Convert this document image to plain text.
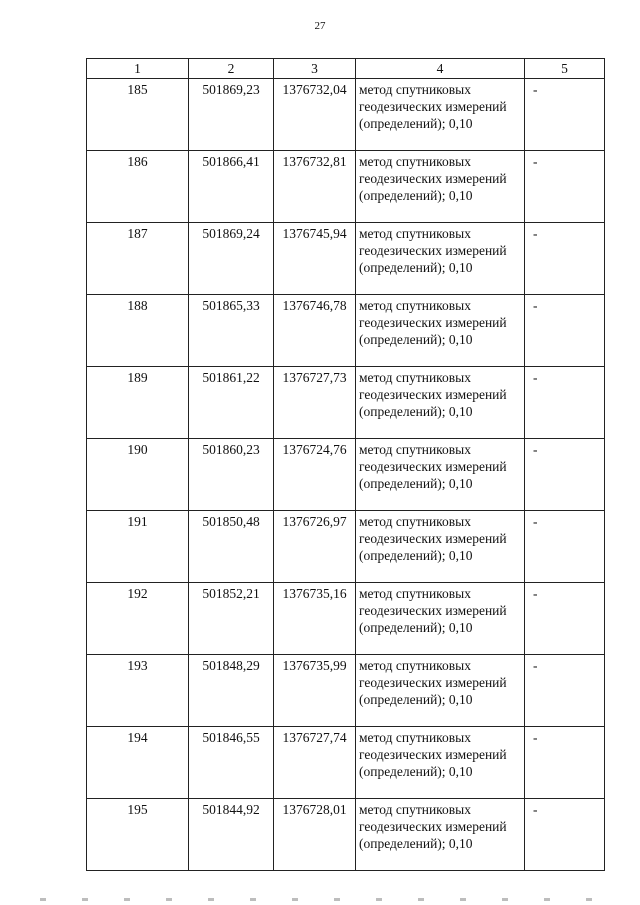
27
1	2	3	4	5
185	501869,23	1376732,04	метод спутниковых геодезических измерений (определений); 0,10	-
186	501866,41	1376732,81	метод спутниковых геодезических измерений (определений); 0,10	-
187	501869,24	1376745,94	метод спутниковых геодезических измерений (определений); 0,10	-
188	501865,33	1376746,78	метод спутниковых геодезических измерений (определений); 0,10	-
189	501861,22	1376727,73	метод спутниковых геодезических измерений (определений); 0,10	-
190	501860,23	1376724,76	метод спутниковых геодезических измерений (определений); 0,10	-
191	501850,48	1376726,97	метод спутниковых геодезических измерений (определений); 0,10	-
192	501852,21	1376735,16	метод спутниковых геодезических измерений (определений); 0,10	-
193	501848,29	1376735,99	метод спутниковых геодезических измерений (определений); 0,10	-
194	501846,55	1376727,74	метод спутниковых геодезических измерений (определений); 0,10	-
195	501844,92	1376728,01	метод спутниковых геодезических измерений (определений); 0,10	-
